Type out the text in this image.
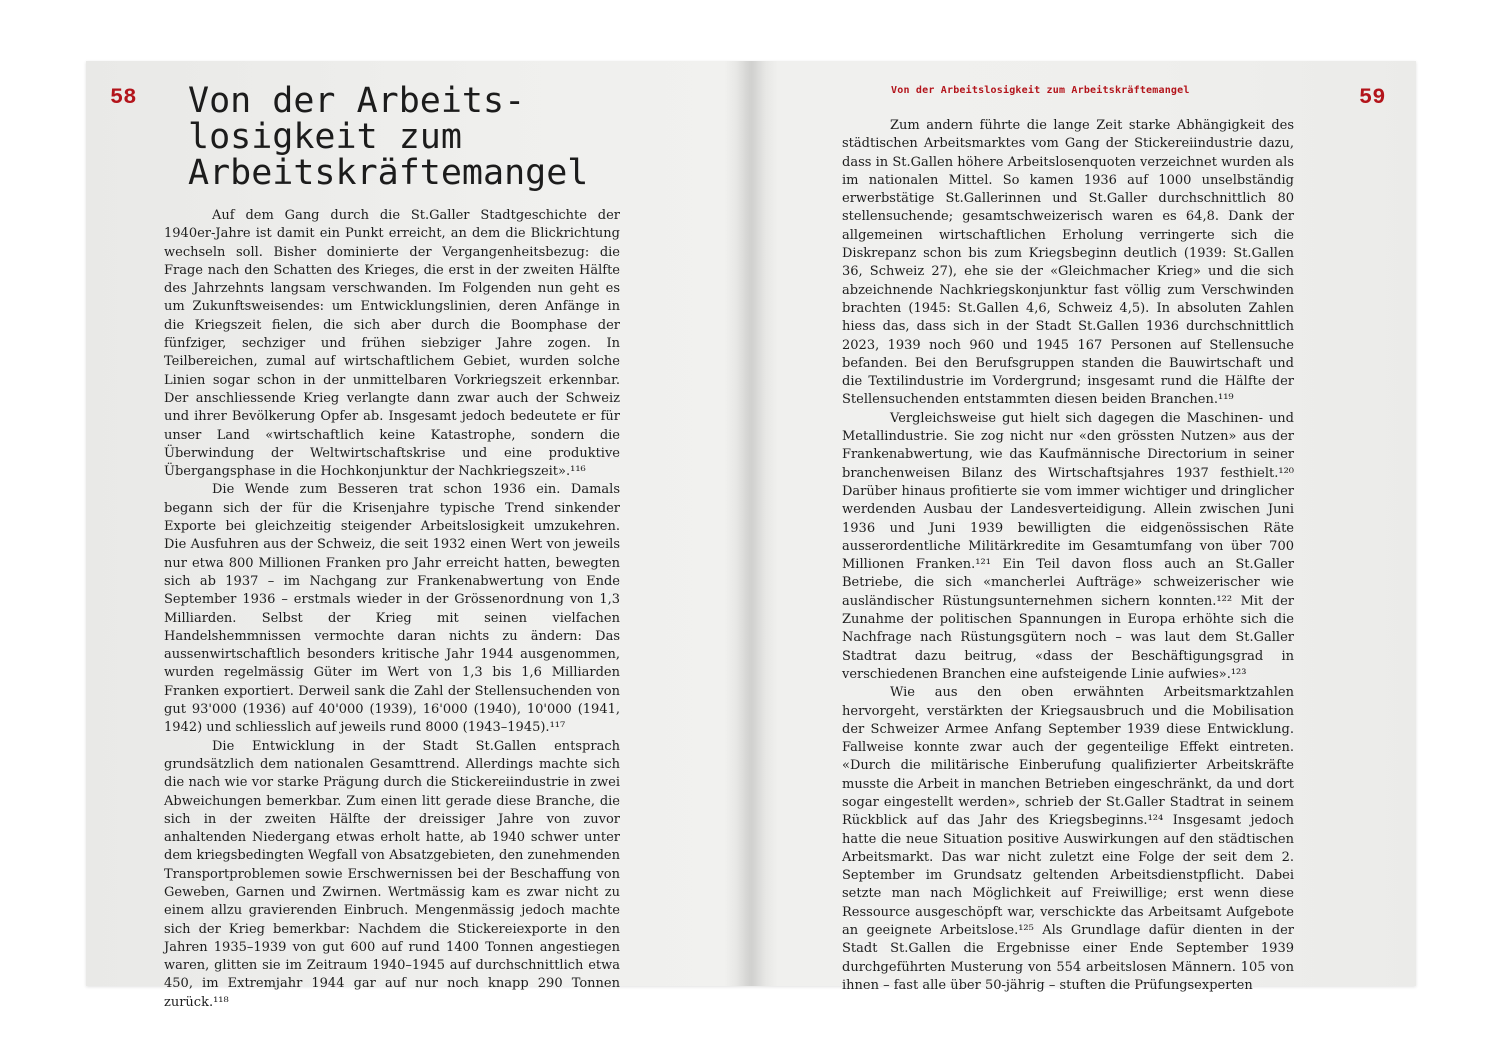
58 Von der Arbeits-
losigkeit zum
Arbeitskräftemangel

Auf dem Gang durch die St.Galler Stadtgeschichte der 1940er-Jahre ist damit ein Punkt erreicht, an dem die Blickrichtung wechseln soll. Bisher dominierte der Vergangenheitsbezug: die Frage nach den Schatten des Krieges, die erst in der zweiten Hälfte des Jahrzehnts langsam verschwanden. Im Folgenden nun geht es um Zukunftsweisendes: um Entwicklungslinien, deren Anfänge in die Kriegszeit fielen, die sich aber durch die Boomphase der fünfziger, sechziger und frühen siebziger Jahre zogen. In Teilbereichen, zumal auf wirtschaftlichem Gebiet, wurden solche Linien sogar schon in der unmittelbaren Vorkriegszeit erkennbar. Der anschliessende Krieg verlangte dann zwar auch der Schweiz und ihrer Bevölkerung Opfer ab. Insgesamt jedoch bedeutete er für unser Land «wirtschaftlich keine Katastrophe, sondern die Überwindung der Weltwirtschaftskrise und eine produktive Übergangsphase in die Hochkonjunktur der Nachkriegszeit».¹¹⁶

Die Wende zum Besseren trat schon 1936 ein. Damals begann sich der für die Krisenjahre typische Trend sinkender Exporte bei gleichzeitig steigender Arbeitslosigkeit umzukehren. Die Ausfuhren aus der Schweiz, die seit 1932 einen Wert von jeweils nur etwa 800 Millionen Franken pro Jahr erreicht hatten, bewegten sich ab 1937 – im Nachgang zur Frankenabwertung von Ende September 1936 – erstmals wieder in der Grössenordnung von 1,3 Milliarden. Selbst der Krieg mit seinen vielfachen Handelshemmnissen vermochte daran nichts zu ändern: Das aussenwirtschaftlich besonders kritische Jahr 1944 ausgenommen, wurden regelmässig Güter im Wert von 1,3 bis 1,6 Milliarden Franken exportiert. Derweil sank die Zahl der Stellensuchenden von gut 93'000 (1936) auf 40'000 (1939), 16'000 (1940), 10'000 (1941, 1942) und schliesslich auf jeweils rund 8000 (1943–1945).¹¹⁷

Die Entwicklung in der Stadt St.Gallen entsprach grundsätzlich dem nationalen Gesamttrend. Allerdings machte sich die nach wie vor starke Prägung durch die Stickereiindustrie in zwei Abweichungen bemerkbar. Zum einen litt gerade diese Branche, die sich in der zweiten Hälfte der dreissiger Jahre von zuvor anhaltenden Niedergang etwas erholt hatte, ab 1940 schwer unter dem kriegsbedingten Wegfall von Absatzgebieten, den zunehmenden Transportproblemen sowie Erschwernissen bei der Beschaffung von Geweben, Garnen und Zwirnen. Wertmässig kam es zwar nicht zu einem allzu gravierenden Einbruch. Mengenmässig jedoch machte sich der Krieg bemerkbar: Nachdem die Stickereiexporte in den Jahren 1935–1939 von gut 600 auf rund 1400 Tonnen angestiegen waren, glitten sie im Zeitraum 1940–1945 auf durchschnittlich etwa 450, im Extremjahr 1944 gar auf nur noch knapp 290 Tonnen zurück.¹¹⁸

Von der Arbeitslosigkeit zum Arbeitskräftemangel	59

Zum andern führte die lange Zeit starke Abhängigkeit des städtischen Arbeitsmarktes vom Gang der Stickereiindustrie dazu, dass in St.Gallen höhere Arbeitslosenquoten verzeichnet wurden als im nationalen Mittel. So kamen 1936 auf 1000 unselbständig erwerbstätige St.Gallerinnen und St.Galler durchschnittlich 80 stellensuchende; gesamtschweizerisch waren es 64,8. Dank der allgemeinen wirtschaftlichen Erholung verringerte sich die Diskrepanz schon bis zum Kriegsbeginn deutlich (1939: St.Gallen 36, Schweiz 27), ehe sie der «Gleichmacher Krieg» und die sich abzeichnende Nachkriegskonjunktur fast völlig zum Verschwinden brachten (1945: St.Gallen 4,6, Schweiz 4,5). In absoluten Zahlen hiess das, dass sich in der Stadt St.Gallen 1936 durchschnittlich 2023, 1939 noch 960 und 1945 167 Personen auf Stellensuche befanden. Bei den Berufsgruppen standen die Bauwirtschaft und die Textilindustrie im Vordergrund; insgesamt rund die Hälfte der Stellensuchenden entstammten diesen beiden Branchen.¹¹⁹

Vergleichsweise gut hielt sich dagegen die Maschinen- und Metallindustrie. Sie zog nicht nur «den grössten Nutzen» aus der Frankenabwertung, wie das Kaufmännische Directorium in seiner branchenweisen Bilanz des Wirtschaftsjahres 1937 festhielt.¹²⁰ Darüber hinaus profitierte sie vom immer wichtiger und dringlicher werdenden Ausbau der Landesverteidigung. Allein zwischen Juni 1936 und Juni 1939 bewilligten die eidgenössischen Räte ausserordentliche Militärkredite im Gesamtumfang von über 700 Millionen Franken.¹²¹ Ein Teil davon floss auch an St.Galler Betriebe, die sich «mancherlei Aufträge» schweizerischer wie ausländischer Rüstungsunternehmen sichern konnten.¹²² Mit der Zunahme der politischen Spannungen in Europa erhöhte sich die Nachfrage nach Rüstungsgütern noch – was laut dem St.Galler Stadtrat dazu beitrug, «dass der Beschäftigungsgrad in verschiedenen Branchen eine aufsteigende Linie aufwies».¹²³

Wie aus den oben erwähnten Arbeitsmarktzahlen hervorgeht, verstärkten der Kriegsausbruch und die Mobilisation der Schweizer Armee Anfang September 1939 diese Entwicklung. Fallweise konnte zwar auch der gegenteilige Effekt eintreten. «Durch die militärische Einberufung qualifizierter Arbeitskräfte musste die Arbeit in manchen Betrieben eingeschränkt, da und dort sogar eingestellt werden», schrieb der St.Galler Stadtrat in seinem Rückblick auf das Jahr des Kriegsbeginns.¹²⁴ Insgesamt jedoch hatte die neue Situation positive Auswirkungen auf den städtischen Arbeitsmarkt. Das war nicht zuletzt eine Folge der seit dem 2. September im Grundsatz geltenden Arbeitsdienstpflicht. Dabei setzte man nach Möglichkeit auf Freiwillige; erst wenn diese Ressource ausgeschöpft war, verschickte das Arbeitsamt Aufgebote an geeignete Arbeitslose.¹²⁵ Als Grundlage dafür dienten in der Stadt St.Gallen die Ergebnisse einer Ende September 1939 durchgeführten Musterung von 554 arbeitslosen Männern. 105 von ihnen – fast alle über 50-jährig – stuften die Prüfungsexperten
